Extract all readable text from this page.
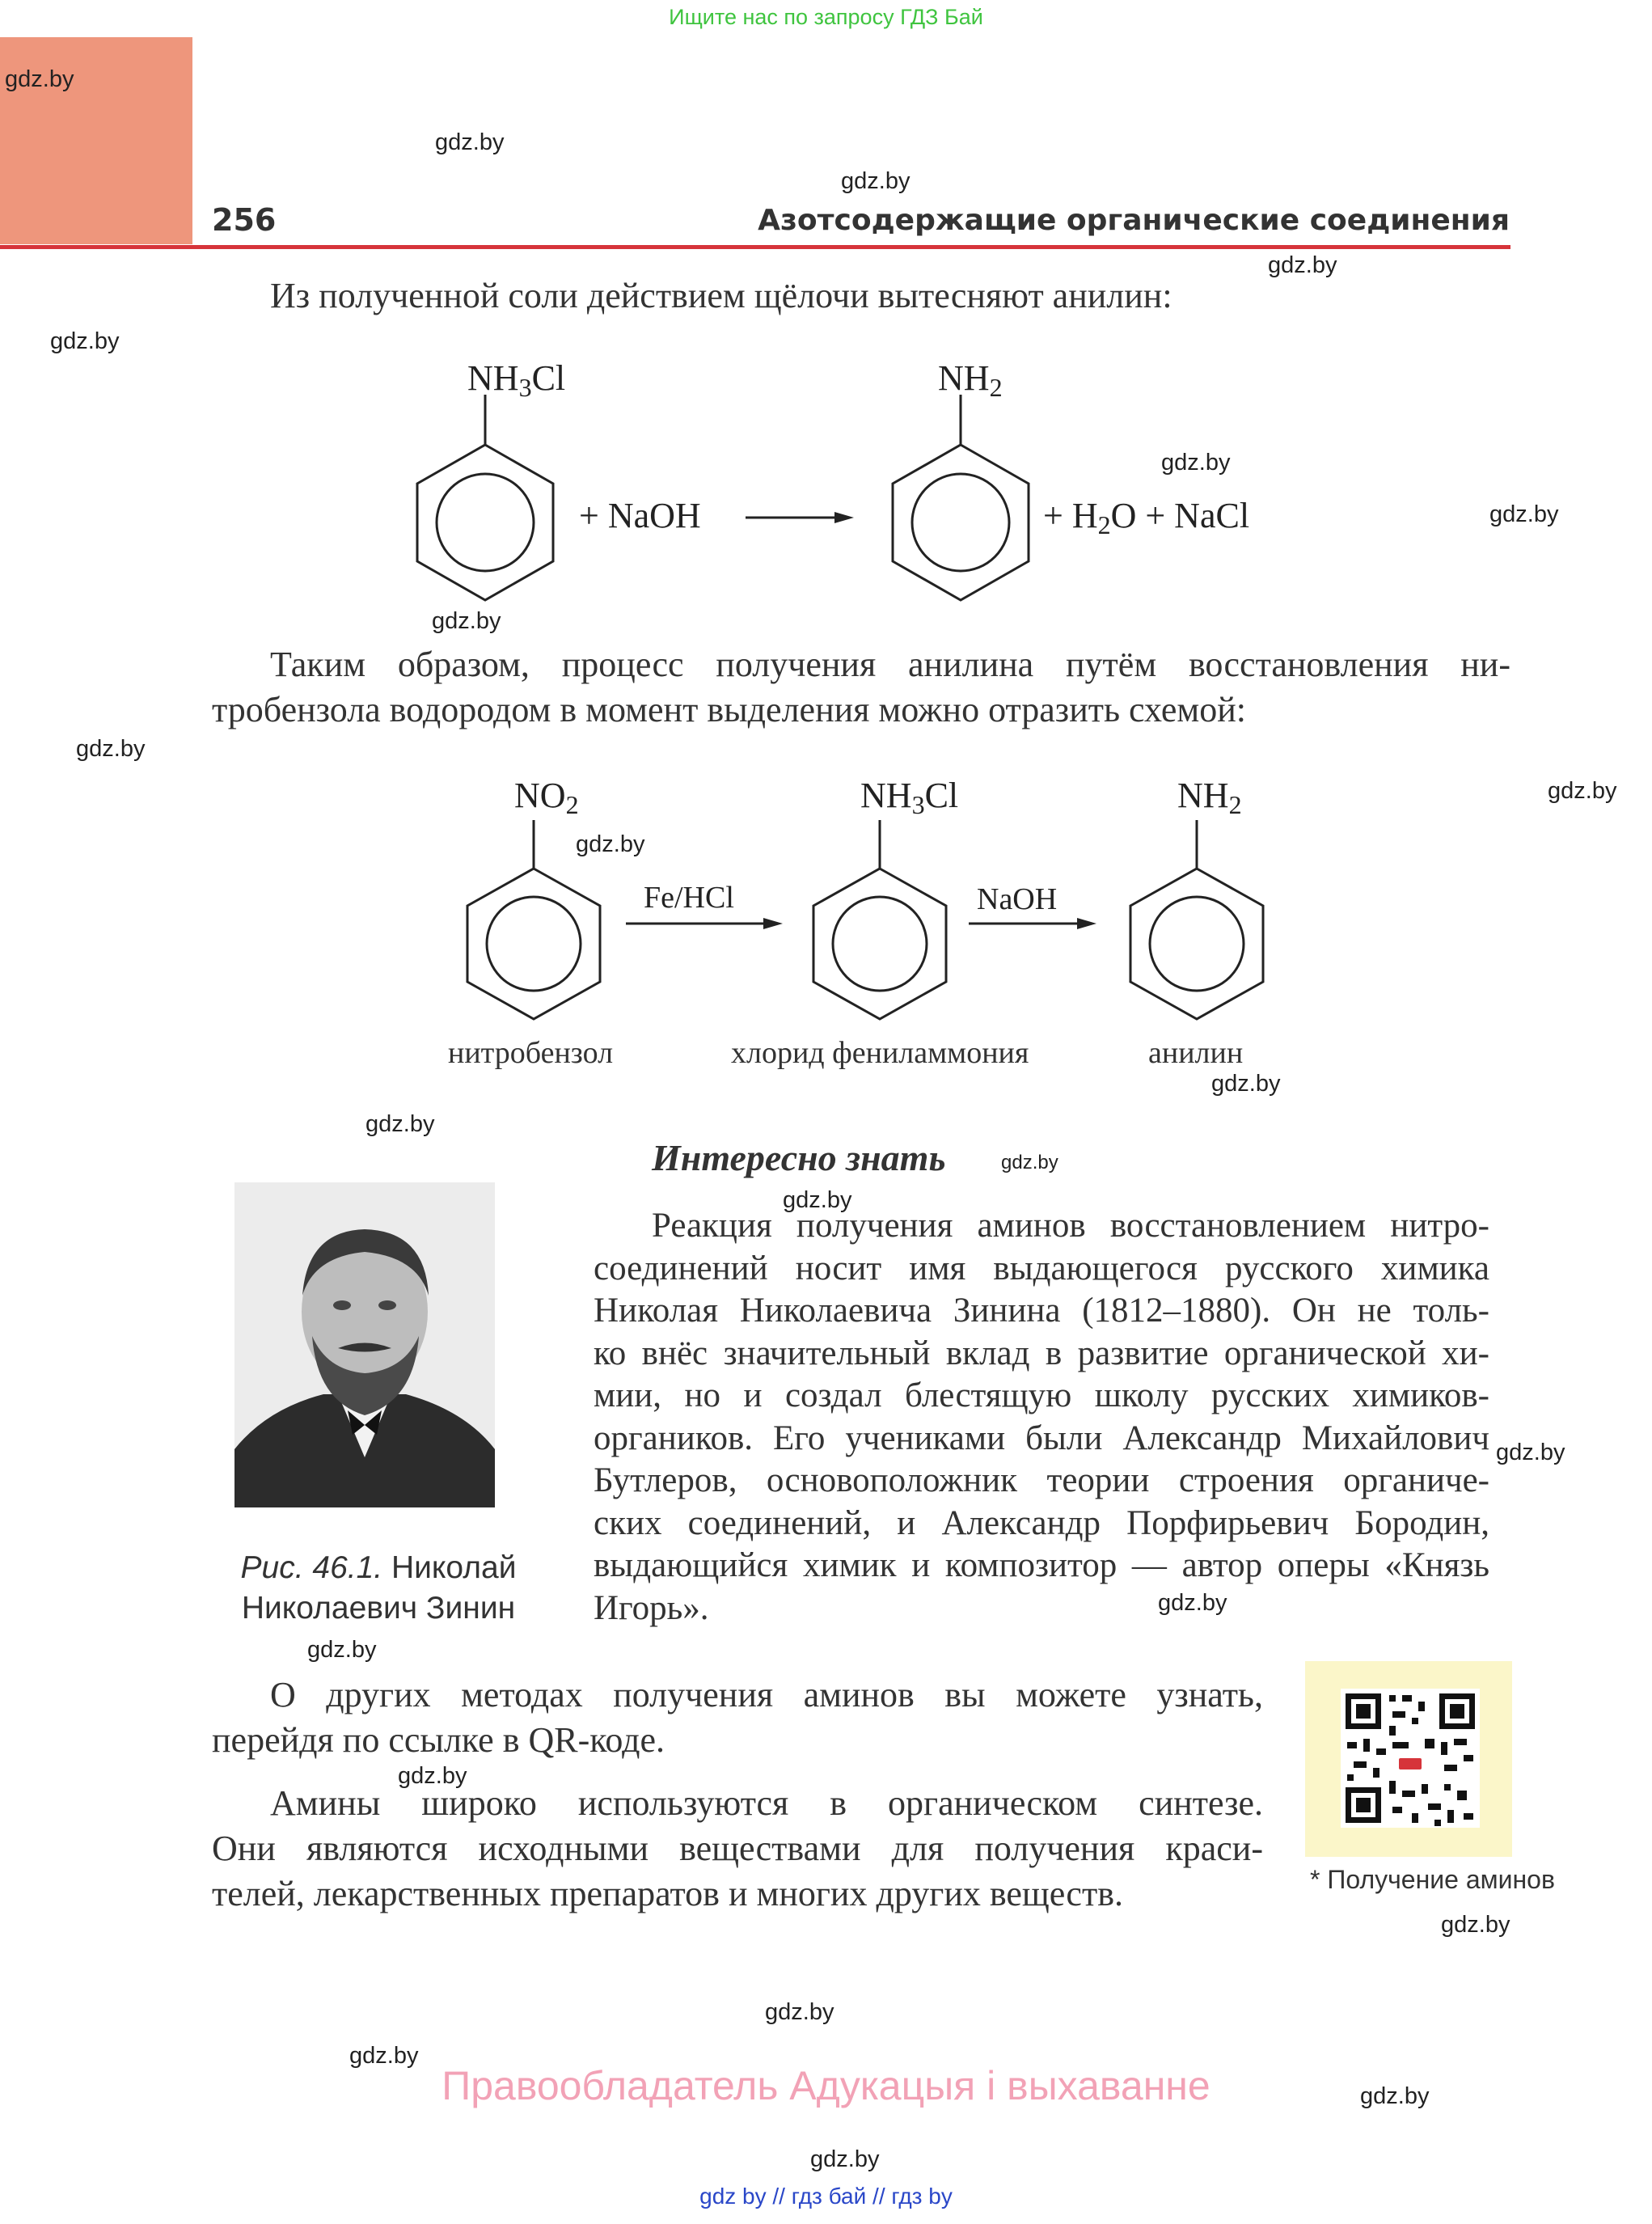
Ищите нас по запросу ГДЗ Бай
256	Азотсодержащие органические соединения
Из полученной соли действием щёлочи вытесняют анилин:
$NH_3Cl$
+ NaOH
$NH_2$
+ $H_2O$ + NaCl
Таким образом, процесс получения анилина путём восстановления ни-
тробензола водородом в момент выделения можно отразить схемой:
$NO_2$
Fe/HCl
$NH_3Cl$
NaOH
$NH_2$
нитробензол	хлорид фениламмония	анилин
Интересно знать
Реакция получения аминов восстановлением нитро-
соединений носит имя выдающегося русского химика
Николая Николаевича Зинина (1812–1880). Он не толь-
ко внёс значительный вклад в развитие органической хи-
мии, но и создал блестящую школу русских химиков-
органиков. Его учениками были Александр Михайлович
Бутлеров, основоположник теории строения органиче-
ских соединений, и Александр Порфирьевич Бородин,
выдающийся химик и композитор — автор оперы «Князь
Игорь».
Рис. 46.1. Николай
Николаевич Зинин
О других методах получения аминов вы можете узнать,
перейдя по ссылке в QR-коде.
Амины широко используются в органическом синтезе.
Они являются исходными веществами для получения краси-
телей, лекарственных препаратов и многих других веществ.	* Получение аминов
Правообладатель Адукацыя і выхаванне
gdz by // гдз бай // гдз by
gdz.by
gdz.by
gdz.by
gdz.by
gdz.by
gdz.by
gdz.by
gdz.by
gdz.by
gdz.by
gdz.by
gdz.by
gdz.by
gdz.by
gdz.by
gdz.by
gdz.by
gdz.by
gdz.by
gdz.by
gdz.by
gdz.by
gdz.by
gdz.by
